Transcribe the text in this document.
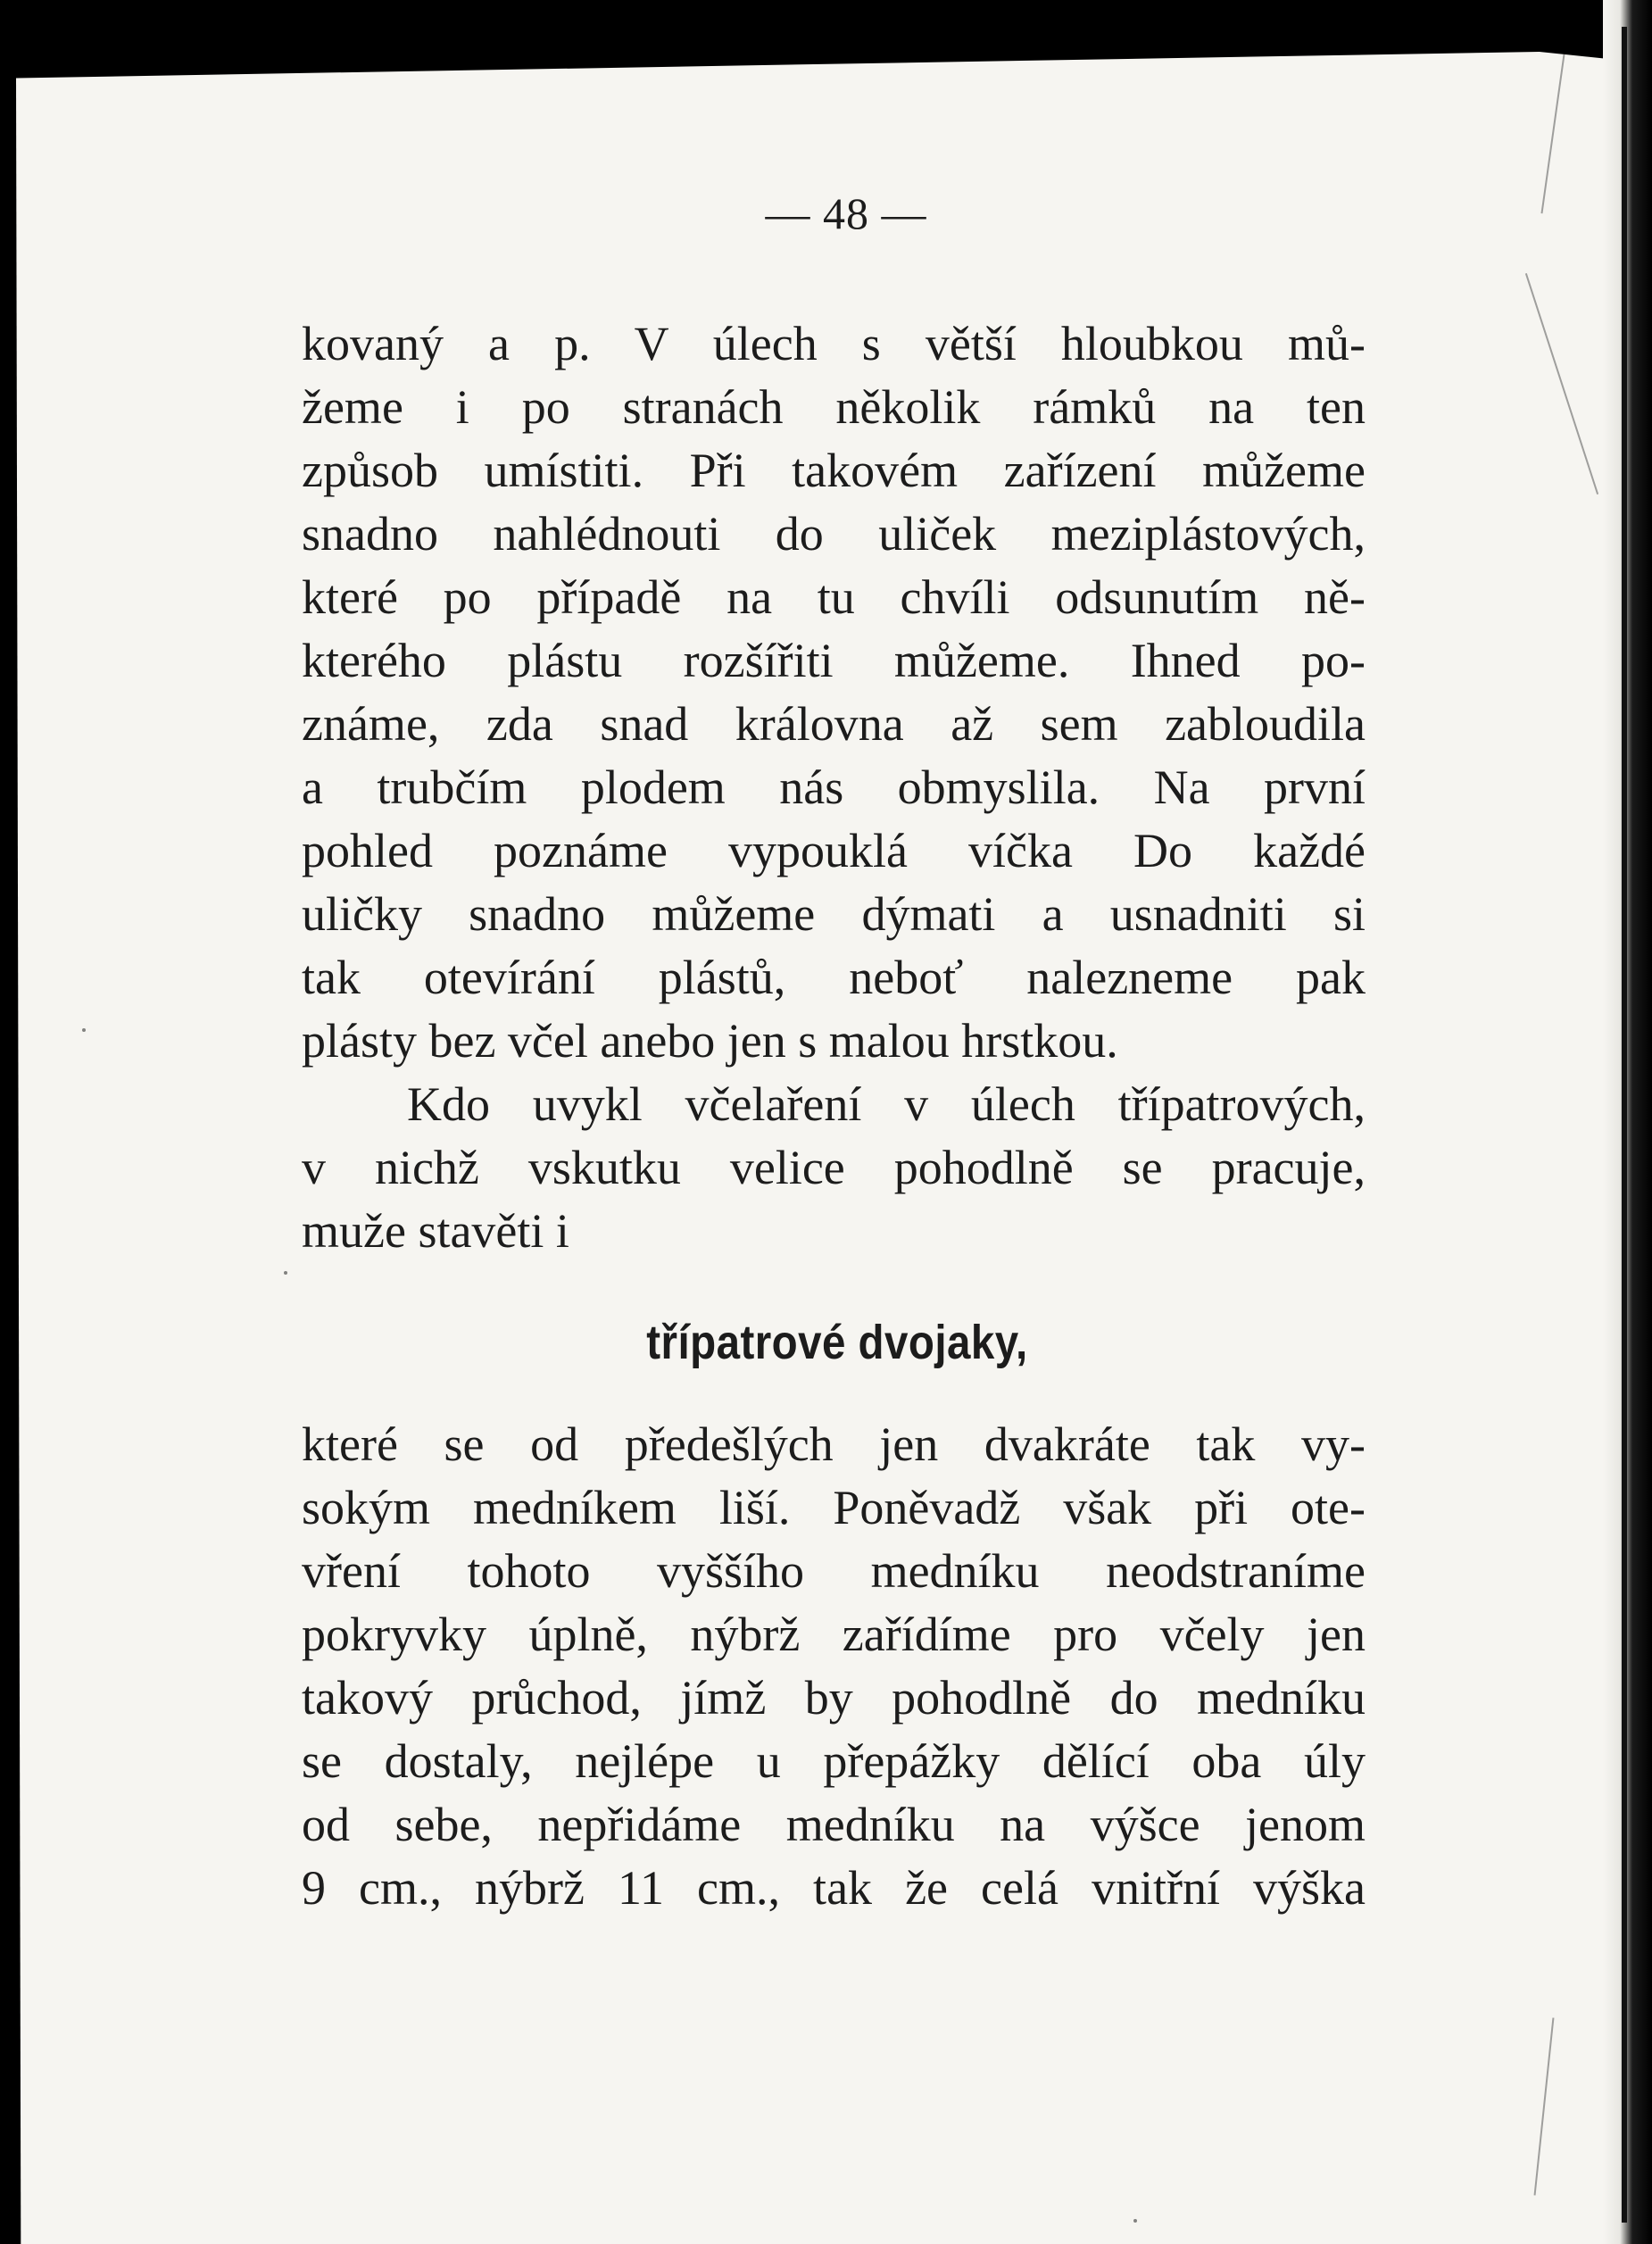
— 48 —
kovaný a p. V úlech s větší hloubkou mů-
žeme i po stranách několik rámků na ten
způsob umístiti. Při takovém zařízení můžeme
snadno nahlédnouti do uliček meziplástových,
které po případě na tu chvíli odsunutím ně-
kterého plástu rozšířiti můžeme. Ihned po-
známe, zda snad královna až sem zabloudila
a trubčím plodem nás obmyslila. Na první
pohled poznáme vypouklá víčka Do každé
uličky snadno můžeme dýmati a usnadniti si
tak otevírání plástů, neboť nalezneme pak
plásty bez včel anebo jen s malou hrstkou.
Kdo uvykl včelaření v úlech třípatrových,
v nichž vskutku velice pohodlně se pracuje,
muže stavěti i
třípatrové dvojaky,
které se od předešlých jen dvakráte tak vy-
sokým medníkem liší. Poněvadž však při ote-
vření tohoto vyššího medníku neodstraníme
pokryvky úplně, nýbrž zařídíme pro včely jen
takový průchod, jímž by pohodlně do medníku
se dostaly, nejlépe u přepážky dělící oba úly
od sebe, nepřidáme medníku na výšce jenom
9 cm., nýbrž 11 cm., tak že celá vnitřní výška
